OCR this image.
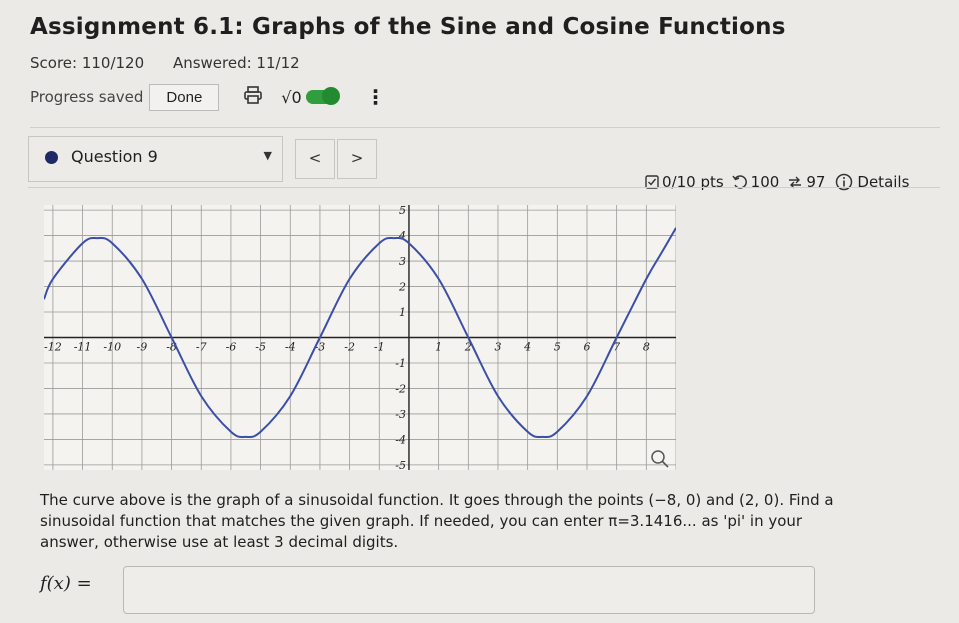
Assignment 6.1: Graphs of the Sine and Cosine Functions
Score: 110/120 Answered: 11/12
Progress saved	Done	√0	⋮
Question 9	▼	<	>
0/10 pts 100 97 Details
-12 -11 -10 -9 -8 -7 -6 -5 -4 -3 -2 -1	1 2 3 4 5 6 7 8
5
4
3
2
1
-1
-2
-3
-4
-5
The curve above is the graph of a sinusoidal function. It goes through the points (−8, 0) and (2, 0). Find a
sinusoidal function that matches the given graph. If needed, you can enter π=3.1416... as 'pi' in your
answer, otherwise use at least 3 decimal digits.
f(x) =
